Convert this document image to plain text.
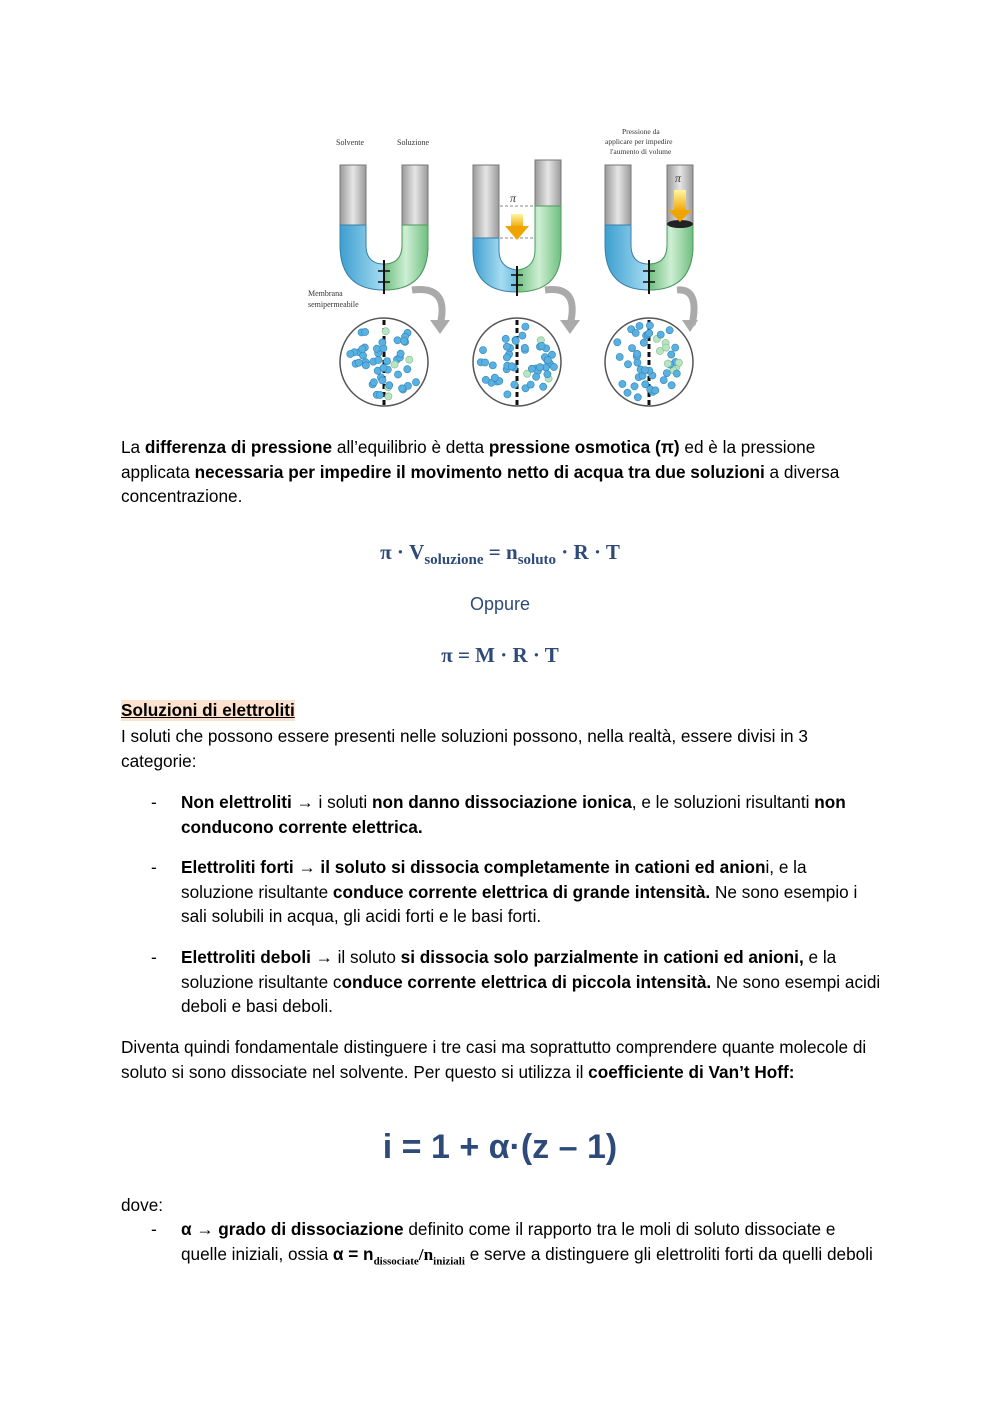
Solvente	Soluzione
Membrana
semipermeabile
π
π
Pressione da
applicare per impedire
l'aumento di volume
La differenza di pressione all’equilibrio è detta pressione osmotica (π) ed è la pressione applicata necessaria per impedire il movimento netto di acqua tra due soluzioni a diversa concentrazione.
$\pi \cdot V_{soluzione} = n_{soluto} \cdot R \cdot T$
Oppure
π = M · R · T
Soluzioni di elettroliti
I soluti che possono essere presenti nelle soluzioni possono, nella realtà, essere divisi in 3 categorie:
- Non elettroliti → i soluti non danno dissociazione ionica, e le soluzioni risultanti non conducono corrente elettrica.
- Elettroliti forti → il soluto si dissocia completamente in cationi ed anioni, e la soluzione risultante conduce corrente elettrica di grande intensità. Ne sono esempio i sali solubili in acqua, gli acidi forti e le basi forti.
- Elettroliti deboli → il soluto si dissocia solo parzialmente in cationi ed anioni, e la soluzione risultante conduce corrente elettrica di piccola intensità. Ne sono esempi acidi deboli e basi deboli.
Diventa quindi fondamentale distinguere i tre casi ma soprattutto comprendere quante molecole di soluto si sono dissociate nel solvente. Per questo si utilizza il coefficiente di Van’t Hoff:
i = 1 + α·(z – 1)
dove:
- α → grado di dissociazione definito come il rapporto tra le moli di soluto dissociate e quelle iniziali, ossia $\alpha = n_{dissociate}/n_{iniziali}$ e serve a distinguere gli elettroliti forti da quelli deboli
